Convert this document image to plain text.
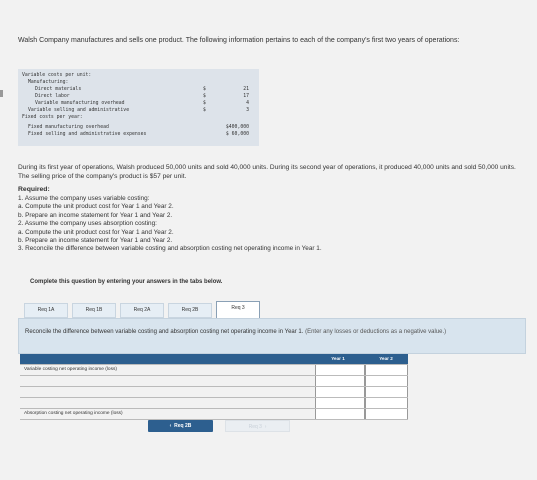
Walsh Company manufactures and sells one product. The following information pertains to each of the company's first two years of operations:
Variable costs per unit:
Manufacturing:
Direct materials	$	21
Direct labor	$	17
Variable manufacturing overhead	$	4
Variable selling and administrative	$	3
Fixed costs per year:
Fixed manufacturing overhead	$400,000
Fixed selling and administrative expenses	$ 60,000
During its first year of operations, Walsh produced 50,000 units and sold 40,000 units. During its second year of operations, it produced 40,000 units and sold 50,000 units. The selling price of the company's product is $57 per unit.
Required:
1. Assume the company uses variable costing:
a. Compute the unit product cost for Year 1 and Year 2.
b. Prepare an income statement for Year 1 and Year 2.
2. Assume the company uses absorption costing:
a. Compute the unit product cost for Year 1 and Year 2.
b. Prepare an income statement for Year 1 and Year 2.
3. Reconcile the difference between variable costing and absorption costing net operating income in Year 1.
Complete this question by entering your answers in the tabs below.
Req 1A	Req 1B	Req 2A	Req 2B	Req 3
Reconcile the difference between variable costing and absorption costing net operating income in Year 1. (Enter any losses or deductions as a negative value.)
Year 1	Year 2
Variable costing net operating income (loss)
Absorption costing net operating income (loss)
‹  Req 2B	Req 3  ›
